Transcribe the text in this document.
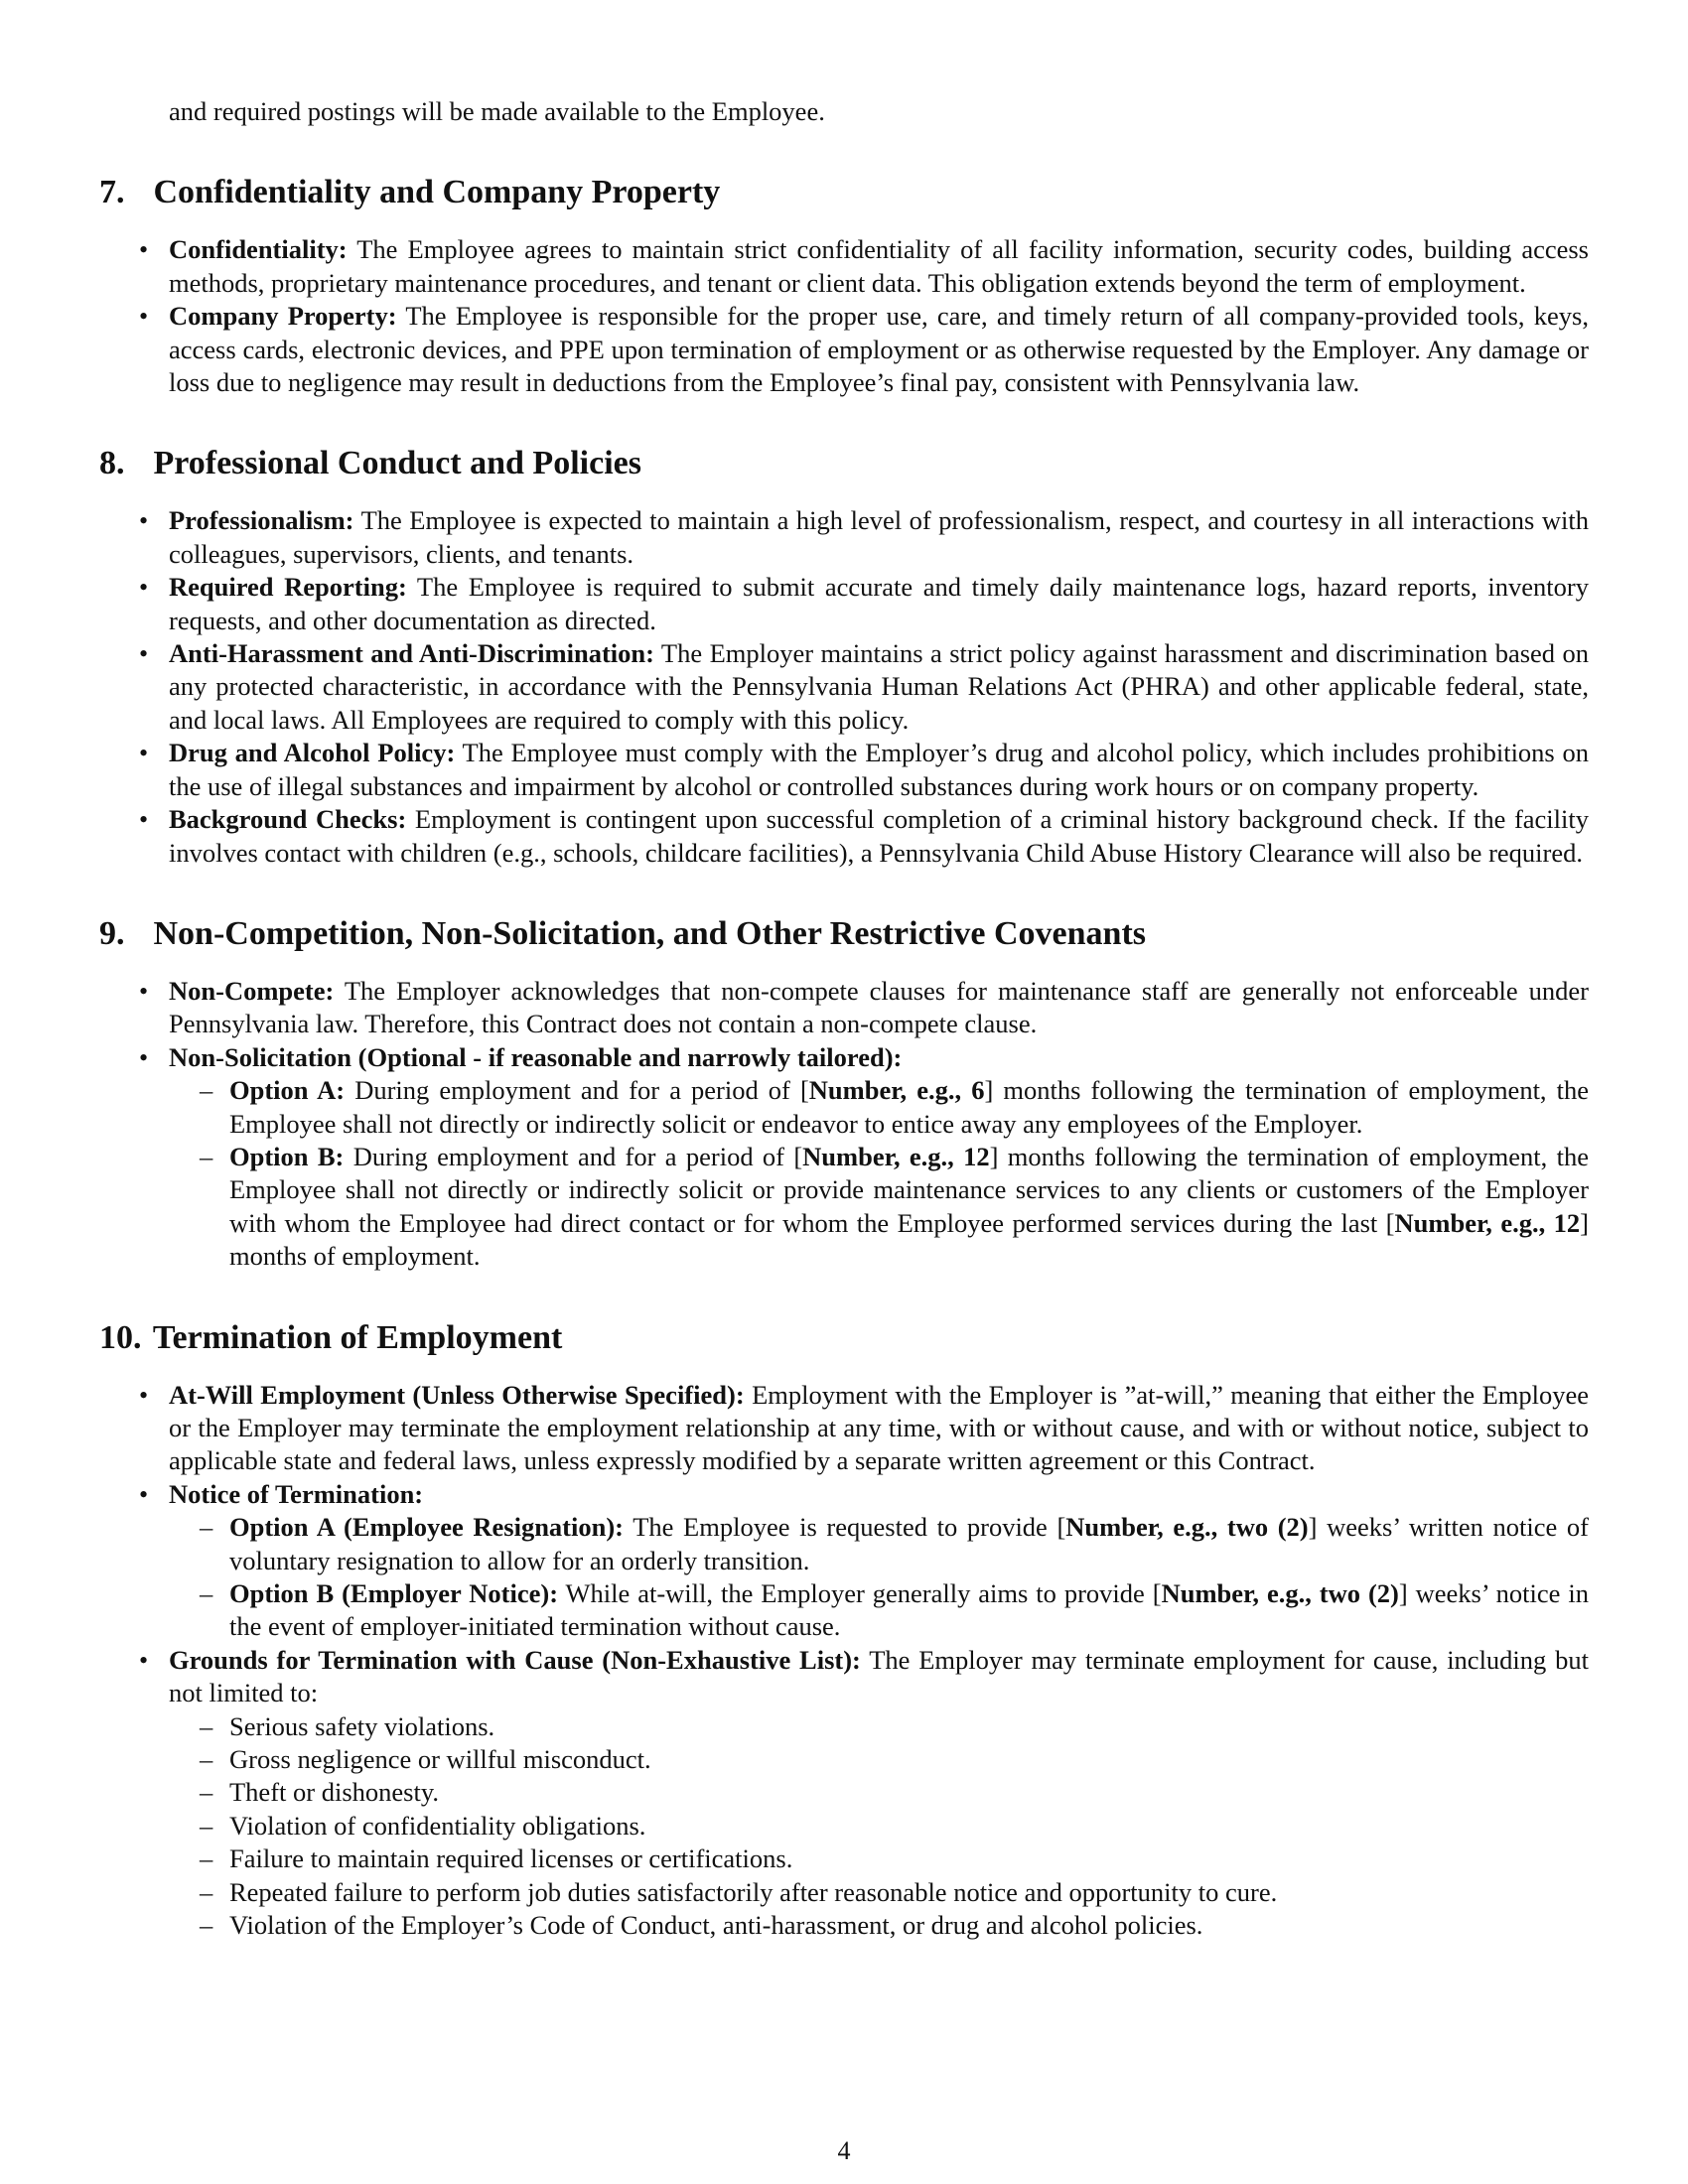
and required postings will be made available to the Employee.

7. Confidentiality and Company Property
• Confidentiality: The Employee agrees to maintain strict confidentiality of all facility information, security codes, building access methods, proprietary maintenance procedures, and tenant or client data. This obligation extends beyond the term of employment.
• Company Property: The Employee is responsible for the proper use, care, and timely return of all company-provided tools, keys, access cards, electronic devices, and PPE upon termination of employment or as otherwise requested by the Employer. Any damage or loss due to negligence may result in deductions from the Employee’s final pay, consistent with Pennsylvania law.
8. Professional Conduct and Policies
• Professionalism: The Employee is expected to maintain a high level of professionalism, respect, and courtesy in all interactions with colleagues, supervisors, clients, and tenants.
• Required Reporting: The Employee is required to submit accurate and timely daily maintenance logs, hazard reports, inventory requests, and other documentation as directed.
• Anti-Harassment and Anti-Discrimination: The Employer maintains a strict policy against harassment and discrimination based on any protected characteristic, in accordance with the Pennsylvania Human Relations Act (PHRA) and other applicable federal, state, and local laws. All Employees are required to comply with this policy.
• Drug and Alcohol Policy: The Employee must comply with the Employer’s drug and alcohol policy, which includes prohibitions on the use of illegal substances and impairment by alcohol or controlled substances during work hours or on company property.
• Background Checks: Employment is contingent upon successful completion of a criminal history background check. If the facility involves contact with children (e.g., schools, childcare facilities), a Pennsylvania Child Abuse History Clearance will also be required.
9. Non-Competition, Non-Solicitation, and Other Restrictive Covenants
• Non-Compete: The Employer acknowledges that non-compete clauses for maintenance staff are generally not enforceable under Pennsylvania law. Therefore, this Contract does not contain a non-compete clause.
• Non-Solicitation (Optional - if reasonable and narrowly tailored):
– Option A: During employment and for a period of [Number, e.g., 6] months following the termination of employment, the Employee shall not directly or indirectly solicit or endeavor to entice away any employees of the Employer.
– Option B: During employment and for a period of [Number, e.g., 12] months following the termination of employment, the Employee shall not directly or indirectly solicit or provide maintenance services to any clients or customers of the Employer with whom the Employee had direct contact or for whom the Employee performed services during the last [Number, e.g., 12] months of employment.
10. Termination of Employment
• At-Will Employment (Unless Otherwise Specified): Employment with the Employer is ”at-will,” meaning that either the Employee or the Employer may terminate the employment relationship at any time, with or without cause, and with or without notice, subject to applicable state and federal laws, unless expressly modified by a separate written agreement or this Contract.
• Notice of Termination:
– Option A (Employee Resignation): The Employee is requested to provide [Number, e.g., two (2)] weeks’ written notice of voluntary resignation to allow for an orderly transition.
– Option B (Employer Notice): While at-will, the Employer generally aims to provide [Number, e.g., two (2)] weeks’ notice in the event of employer-initiated termination without cause.
• Grounds for Termination with Cause (Non-Exhaustive List): The Employer may terminate employment for cause, including but not limited to:
– Serious safety violations.
– Gross negligence or willful misconduct.
– Theft or dishonesty.
– Violation of confidentiality obligations.
– Failure to maintain required licenses or certifications.
– Repeated failure to perform job duties satisfactorily after reasonable notice and opportunity to cure.
– Violation of the Employer’s Code of Conduct, anti-harassment, or drug and alcohol policies.
4
